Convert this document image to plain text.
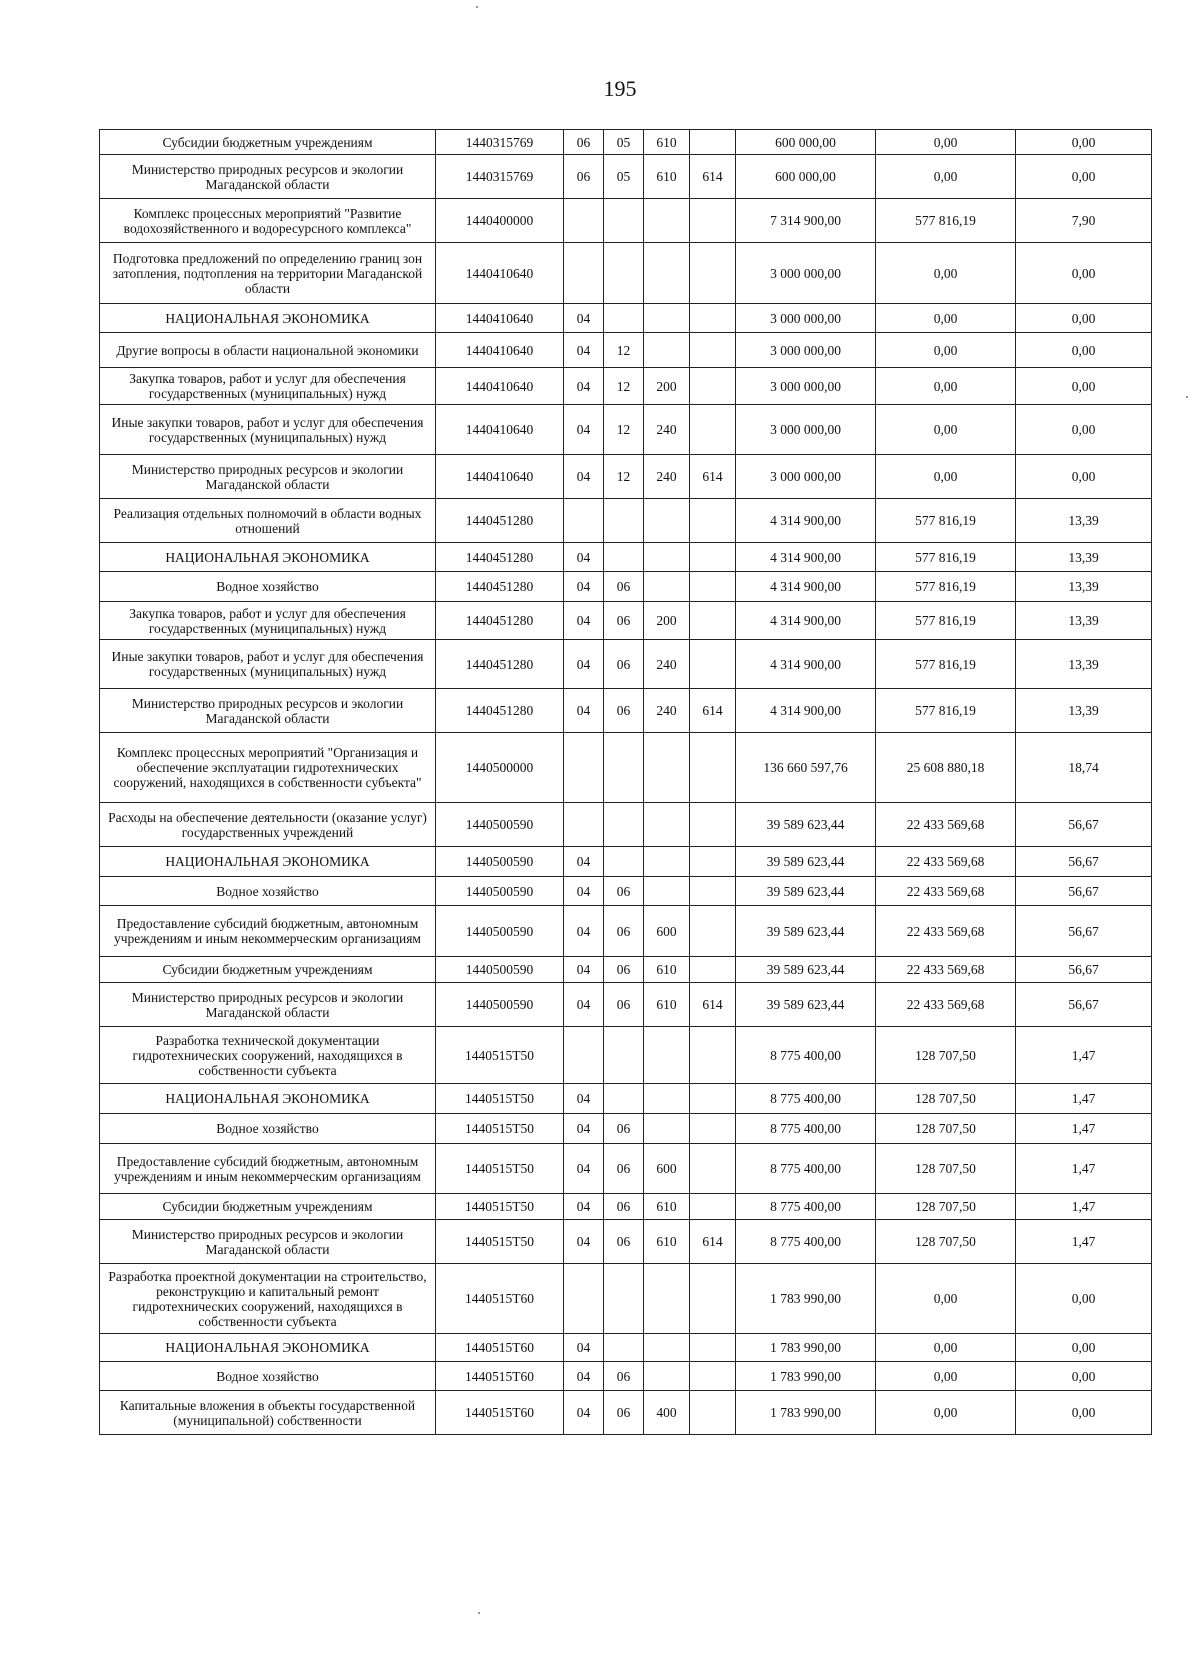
195
Субсидии бюджетным учреждениям	1440315769	06	05	610		600 000,00	0,00	0,00
Министерство природных ресурсов и экологии Магаданской области	1440315769	06	05	610	614	600 000,00	0,00	0,00
Комплекс процессных мероприятий "Развитие водохозяйственного и водоресурсного комплекса"	1440400000					7 314 900,00	577 816,19	7,90
Подготовка предложений по определению границ зон затопления, подтопления на территории Магаданской области	1440410640					3 000 000,00	0,00	0,00
НАЦИОНАЛЬНАЯ ЭКОНОМИКА	1440410640	04				3 000 000,00	0,00	0,00
Другие вопросы в области национальной экономики	1440410640	04	12			3 000 000,00	0,00	0,00
Закупка товаров, работ и услуг для обеспечения государственных (муниципальных) нужд	1440410640	04	12	200		3 000 000,00	0,00	0,00
Иные закупки товаров, работ и услуг для обеспечения государственных (муниципальных) нужд	1440410640	04	12	240		3 000 000,00	0,00	0,00
Министерство природных ресурсов и экологии Магаданской области	1440410640	04	12	240	614	3 000 000,00	0,00	0,00
Реализация отдельных полномочий в области водных отношений	1440451280					4 314 900,00	577 816,19	13,39
НАЦИОНАЛЬНАЯ ЭКОНОМИКА	1440451280	04				4 314 900,00	577 816,19	13,39
Водное хозяйство	1440451280	04	06			4 314 900,00	577 816,19	13,39
Закупка товаров, работ и услуг для обеспечения государственных (муниципальных) нужд	1440451280	04	06	200		4 314 900,00	577 816,19	13,39
Иные закупки товаров, работ и услуг для обеспечения государственных (муниципальных) нужд	1440451280	04	06	240		4 314 900,00	577 816,19	13,39
Министерство природных ресурсов и экологии Магаданской области	1440451280	04	06	240	614	4 314 900,00	577 816,19	13,39
Комплекс процессных мероприятий "Организация и обеспечение эксплуатации гидротехнических сооружений, находящихся в собственности субъекта"	1440500000					136 660 597,76	25 608 880,18	18,74
Расходы на обеспечение деятельности (оказание услуг) государственных учреждений	1440500590					39 589 623,44	22 433 569,68	56,67
НАЦИОНАЛЬНАЯ ЭКОНОМИКА	1440500590	04				39 589 623,44	22 433 569,68	56,67
Водное хозяйство	1440500590	04	06			39 589 623,44	22 433 569,68	56,67
Предоставление субсидий бюджетным, автономным учреждениям и иным некоммерческим организациям	1440500590	04	06	600		39 589 623,44	22 433 569,68	56,67
Субсидии бюджетным учреждениям	1440500590	04	06	610		39 589 623,44	22 433 569,68	56,67
Министерство природных ресурсов и экологии Магаданской области	1440500590	04	06	610	614	39 589 623,44	22 433 569,68	56,67
Разработка технической документации гидротехнических сооружений, находящихся в собственности субъекта	1440515T50					8 775 400,00	128 707,50	1,47
НАЦИОНАЛЬНАЯ ЭКОНОМИКА	1440515T50	04				8 775 400,00	128 707,50	1,47
Водное хозяйство	1440515T50	04	06			8 775 400,00	128 707,50	1,47
Предоставление субсидий бюджетным, автономным учреждениям и иным некоммерческим организациям	1440515T50	04	06	600		8 775 400,00	128 707,50	1,47
Субсидии бюджетным учреждениям	1440515T50	04	06	610		8 775 400,00	128 707,50	1,47
Министерство природных ресурсов и экологии Магаданской области	1440515T50	04	06	610	614	8 775 400,00	128 707,50	1,47
Разработка проектной документации на строительство, реконструкцию и капитальный ремонт гидротехнических сооружений, находящихся в собственности субъекта	1440515T60					1 783 990,00	0,00	0,00
НАЦИОНАЛЬНАЯ ЭКОНОМИКА	1440515T60	04				1 783 990,00	0,00	0,00
Водное хозяйство	1440515T60	04	06			1 783 990,00	0,00	0,00
Капитальные вложения в объекты государственной (муниципальной) собственности	1440515T60	04	06	400		1 783 990,00	0,00	0,00
